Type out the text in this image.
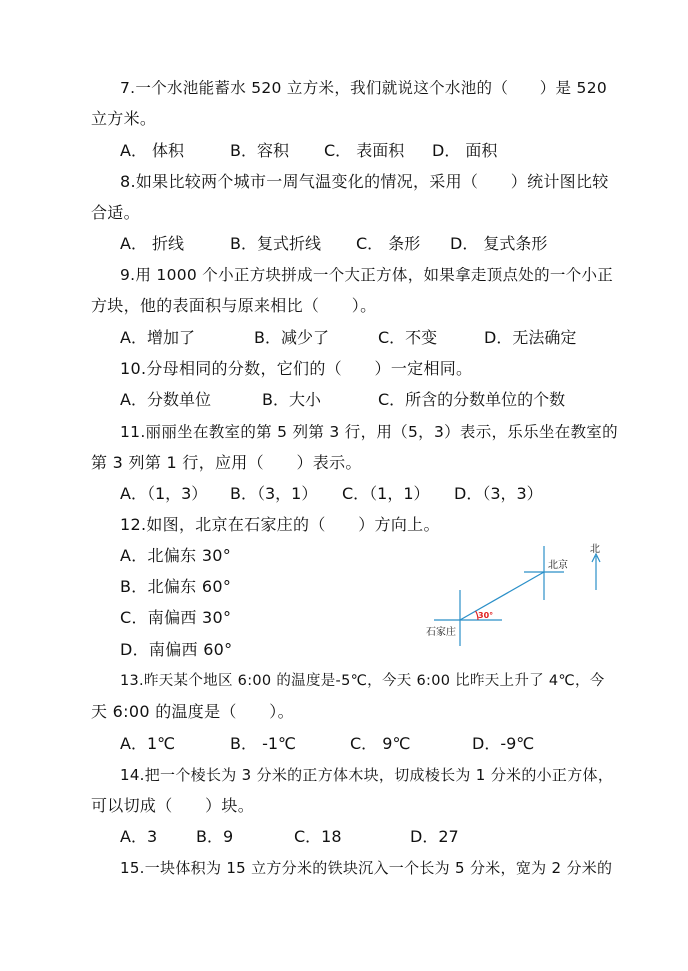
7.一个水池能蓄水 520 立方米，我们就说这个水池的（　　）是 520
立方米。
A． 体积	B．容积 C． 表面积 D． 面积
8.如果比较两个城市一周气温变化的情况，采用（　　）统计图比较
合适。
A． 折线	B．复式折线 C． 条形 D． 复式条形
9.用 1000 个小正方块拼成一个大正方体，如果拿走顶点处的一个小正
方块，他的表面积与原来相比（　　）。
A．增加了	B．减少了	C．不变	D．无法确定
10.分母相同的分数，它们的（　　）一定相同。
A．分数单位	B．大小	C．所含的分数单位的个数
11.丽丽坐在教室的第 5 列第 3 行，用（5，3）表示，乐乐坐在教室的
第 3 列第 1 行，应用（　　）表示。
A．（1，3） B．（3，1） C．（1，1） D．（3，3）
12.如图，北京在石家庄的（　　）方向上。
A．北偏东 30°
B．北偏东 60°
C．南偏西 30°
D．南偏西 60°
北
北京
石家庄
30°
13.昨天某个地区 6:00 的温度是-5℃，今天 6:00 比昨天上升了 4℃，今
天 6:00 的温度是（　　）。
A．1℃	B． -1℃	C． 9℃	D．-9℃
14.把一个棱长为 3 分米的正方体木块，切成棱长为 1 分米的小正方体，
可以切成（　　）块。
A．3 B．9	C．18	D．27
15.一块体积为 15 立方分米的铁块沉入一个长为 5 分米，宽为 2 分米的
